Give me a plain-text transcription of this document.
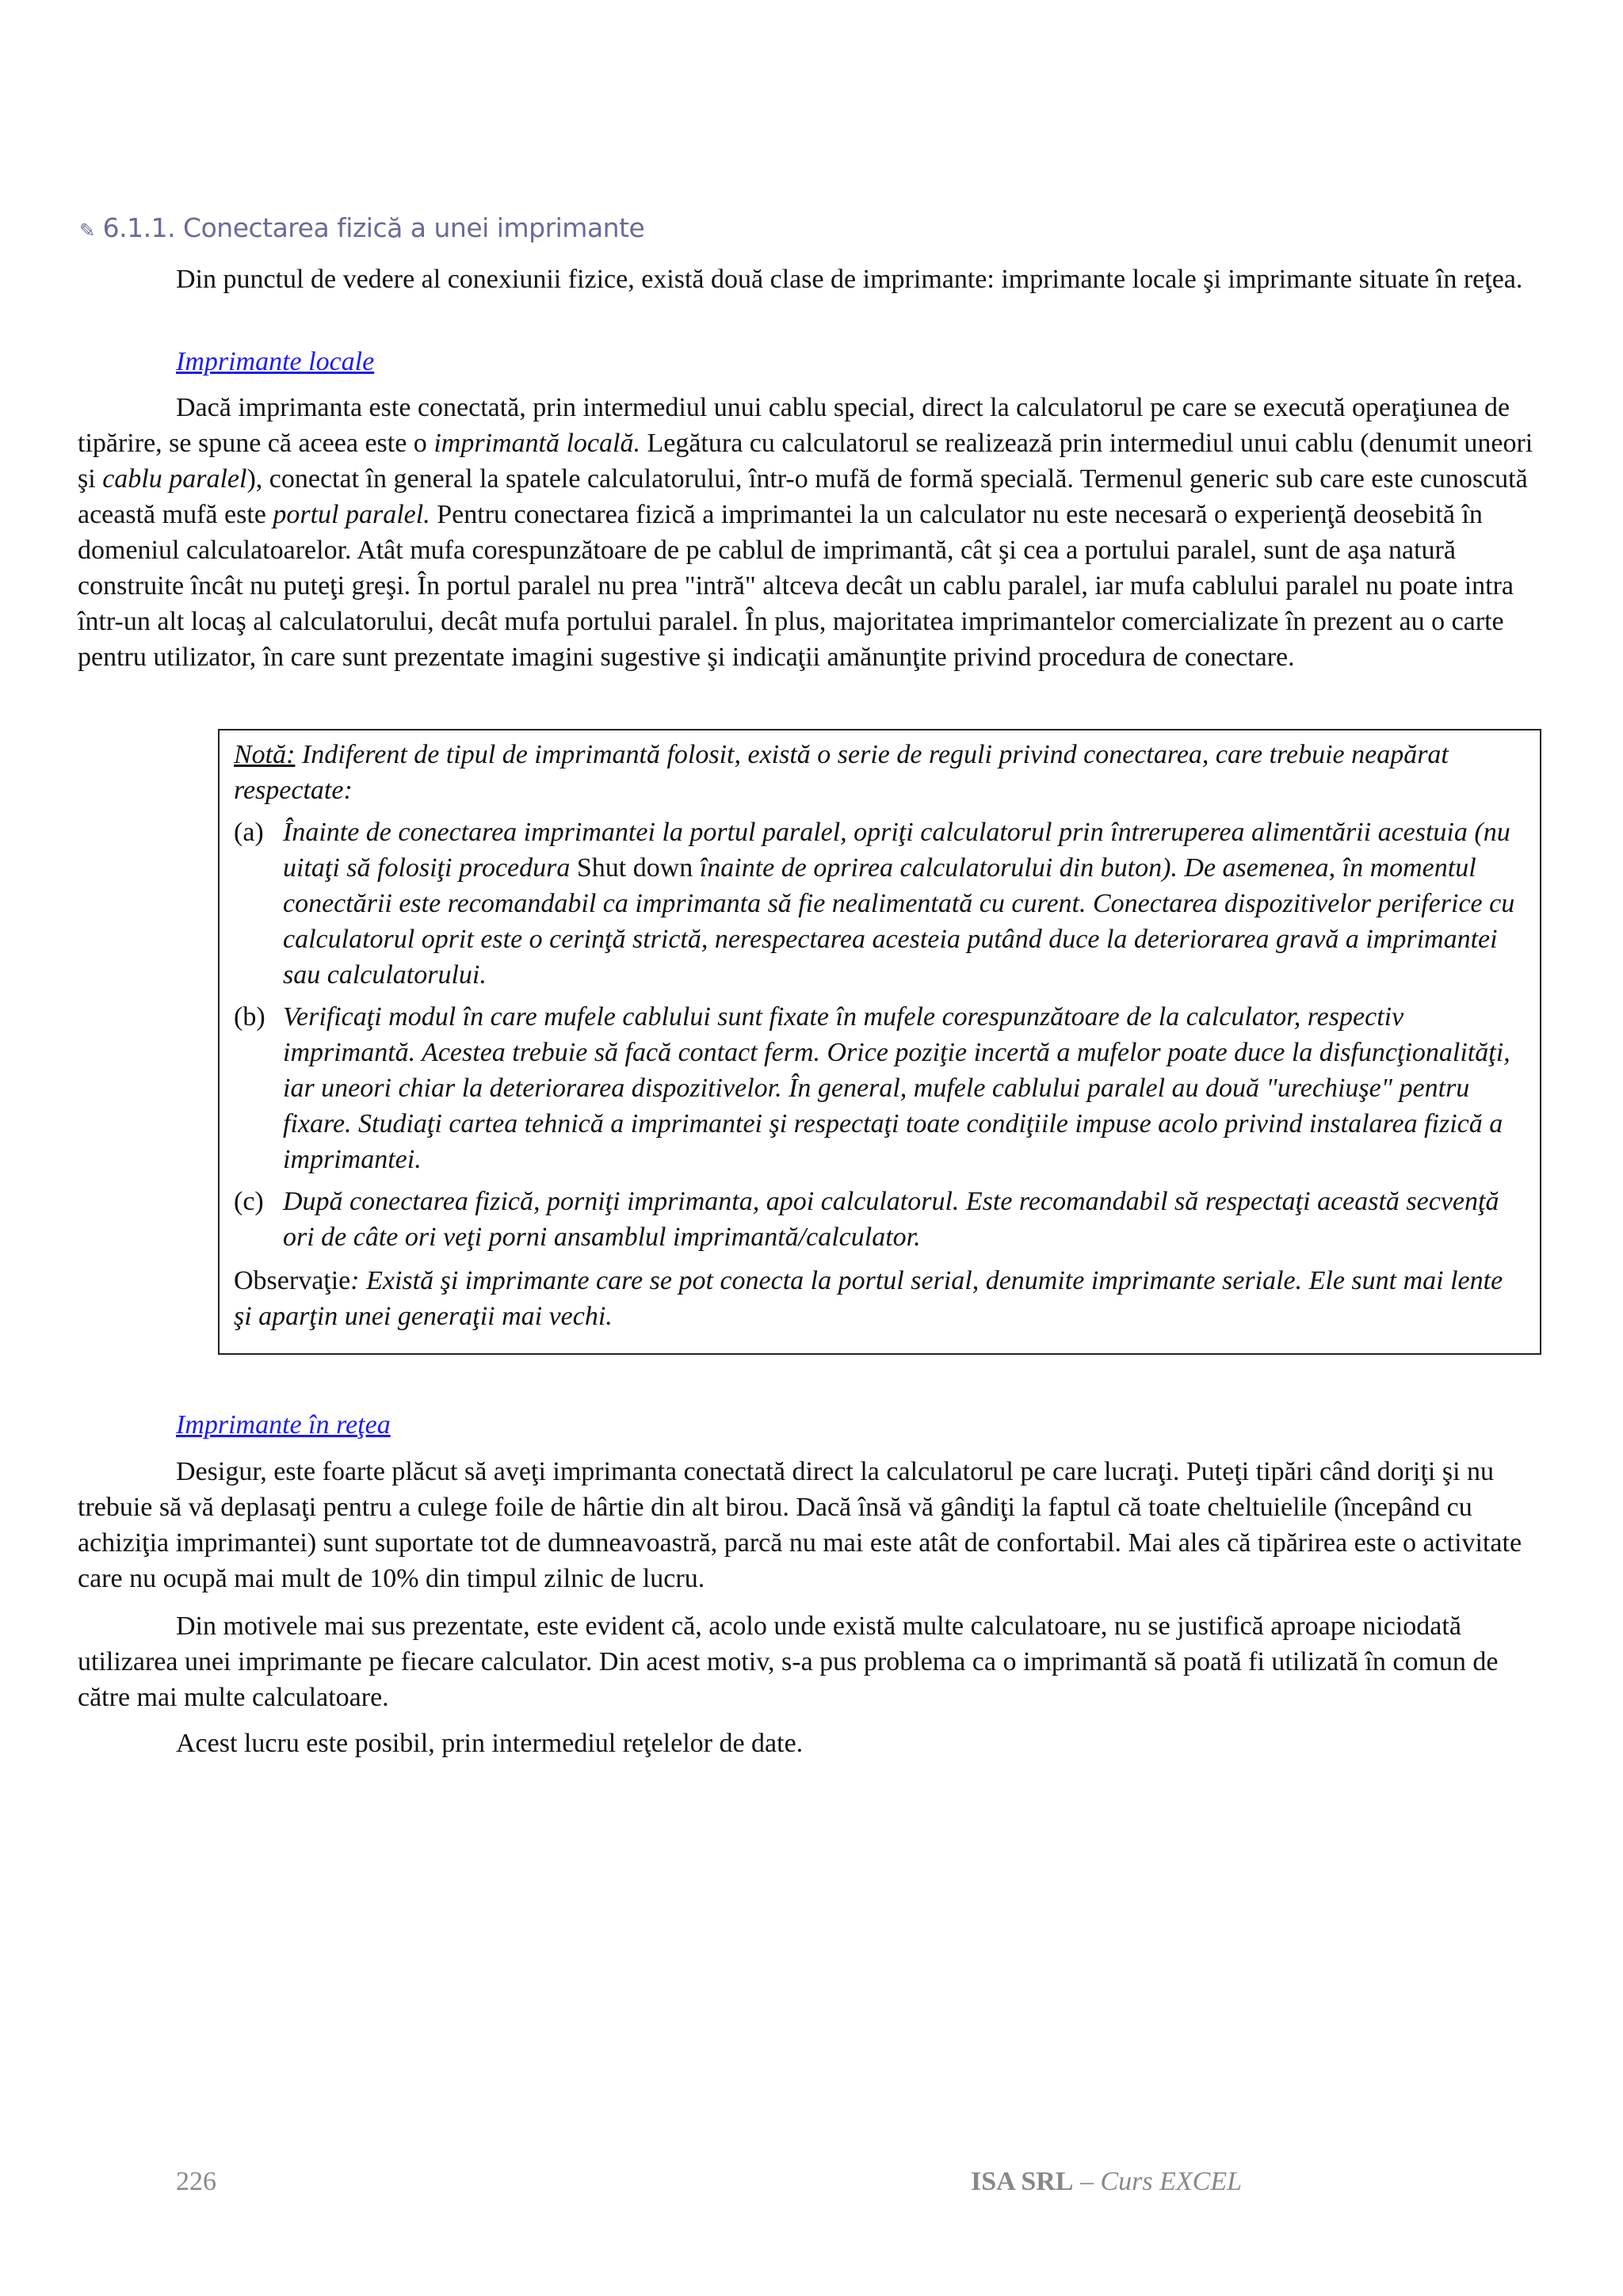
✎ 6.1.1. Conectarea fizică a unei imprimante

Din punctul de vedere al conexiunii fizice, există două clase de imprimante: imprimante locale şi imprimante situate în reţea.

Imprimante locale

Dacă imprimanta este conectată, prin intermediul unui cablu special, direct la calculatorul pe care se execută operaţiunea de tipărire, se spune că aceea este o imprimantă locală. Legătura cu calculatorul se realizează prin intermediul unui cablu (denumit uneori şi cablu paralel), conectat în general la spatele calculatorului, într-o mufă de formă specială. Termenul generic sub care este cunoscută această mufă este portul paralel. Pentru conectarea fizică a imprimantei la un calculator nu este necesară o experienţă deosebită în domeniul calculatoarelor. Atât mufa corespunzătoare de pe cablul de imprimantă, cât şi cea a portului paralel, sunt de aşa natură construite încât nu puteţi greşi. În portul paralel nu prea "intră" altceva decât un cablu paralel, iar mufa cablului paralel nu poate intra într-un alt locaş al calculatorului, decât mufa portului paralel. În plus, majoritatea imprimantelor comercializate în prezent au o carte pentru utilizator, în care sunt prezentate imagini sugestive şi indicaţii amănunţite privind procedura de conectare.

Notă: Indiferent de tipul de imprimantă folosit, există o serie de reguli privind conectarea, care trebuie neapărat respectate:

(a) Înainte de conectarea imprimantei la portul paralel, opriţi calculatorul prin întreruperea alimentării acestuia (nu uitaţi să folosiţi procedura Shut down înainte de oprirea calculatorului din buton). De asemenea, în momentul conectării este recomandabil ca imprimanta să fie nealimentată cu curent. Conectarea dispozitivelor periferice cu calculatorul oprit este o cerinţă strictă, nerespectarea acesteia putând duce la deteriorarea gravă a imprimantei sau calculatorului.
(b) Verificaţi modul în care mufele cablului sunt fixate în mufele corespunzătoare de la calculator, respectiv imprimantă. Acestea trebuie să facă contact ferm. Orice poziţie incertă a mufelor poate duce la disfuncţionalităţi, iar uneori chiar la deteriorarea dispozitivelor. În general, mufele cablului paralel au două "urechiuşe" pentru fixare. Studiaţi cartea tehnică a imprimantei şi respectaţi toate condiţiile impuse acolo privind instalarea fizică a imprimantei.
(c) După conectarea fizică, porniţi imprimanta, apoi calculatorul. Este recomandabil să respectaţi această secvenţă ori de câte ori veţi porni ansamblul imprimantă/calculator.

Observaţie: Există şi imprimante care se pot conecta la portul serial, denumite imprimante seriale. Ele sunt mai lente şi aparţin unei generaţii mai vechi.

Imprimante în reţea

Desigur, este foarte plăcut să aveţi imprimanta conectată direct la calculatorul pe care lucraţi. Puteţi tipări când doriţi şi nu trebuie să vă deplasaţi pentru a culege foile de hârtie din alt birou. Dacă însă vă gândiţi la faptul că toate cheltuielile (începând cu achiziţia imprimantei) sunt suportate tot de dumneavoastră, parcă nu mai este atât de confortabil. Mai ales că tipărirea este o activitate care nu ocupă mai mult de 10% din timpul zilnic de lucru.

Din motivele mai sus prezentate, este evident că, acolo unde există multe calculatoare, nu se justifică aproape niciodată utilizarea unei imprimante pe fiecare calculator. Din acest motiv, s-a pus problema ca o imprimantă să poată fi utilizată în comun de către mai multe calculatoare.

Acest lucru este posibil, prin intermediul reţelelor de date.

226	ISA SRL – Curs EXCEL
